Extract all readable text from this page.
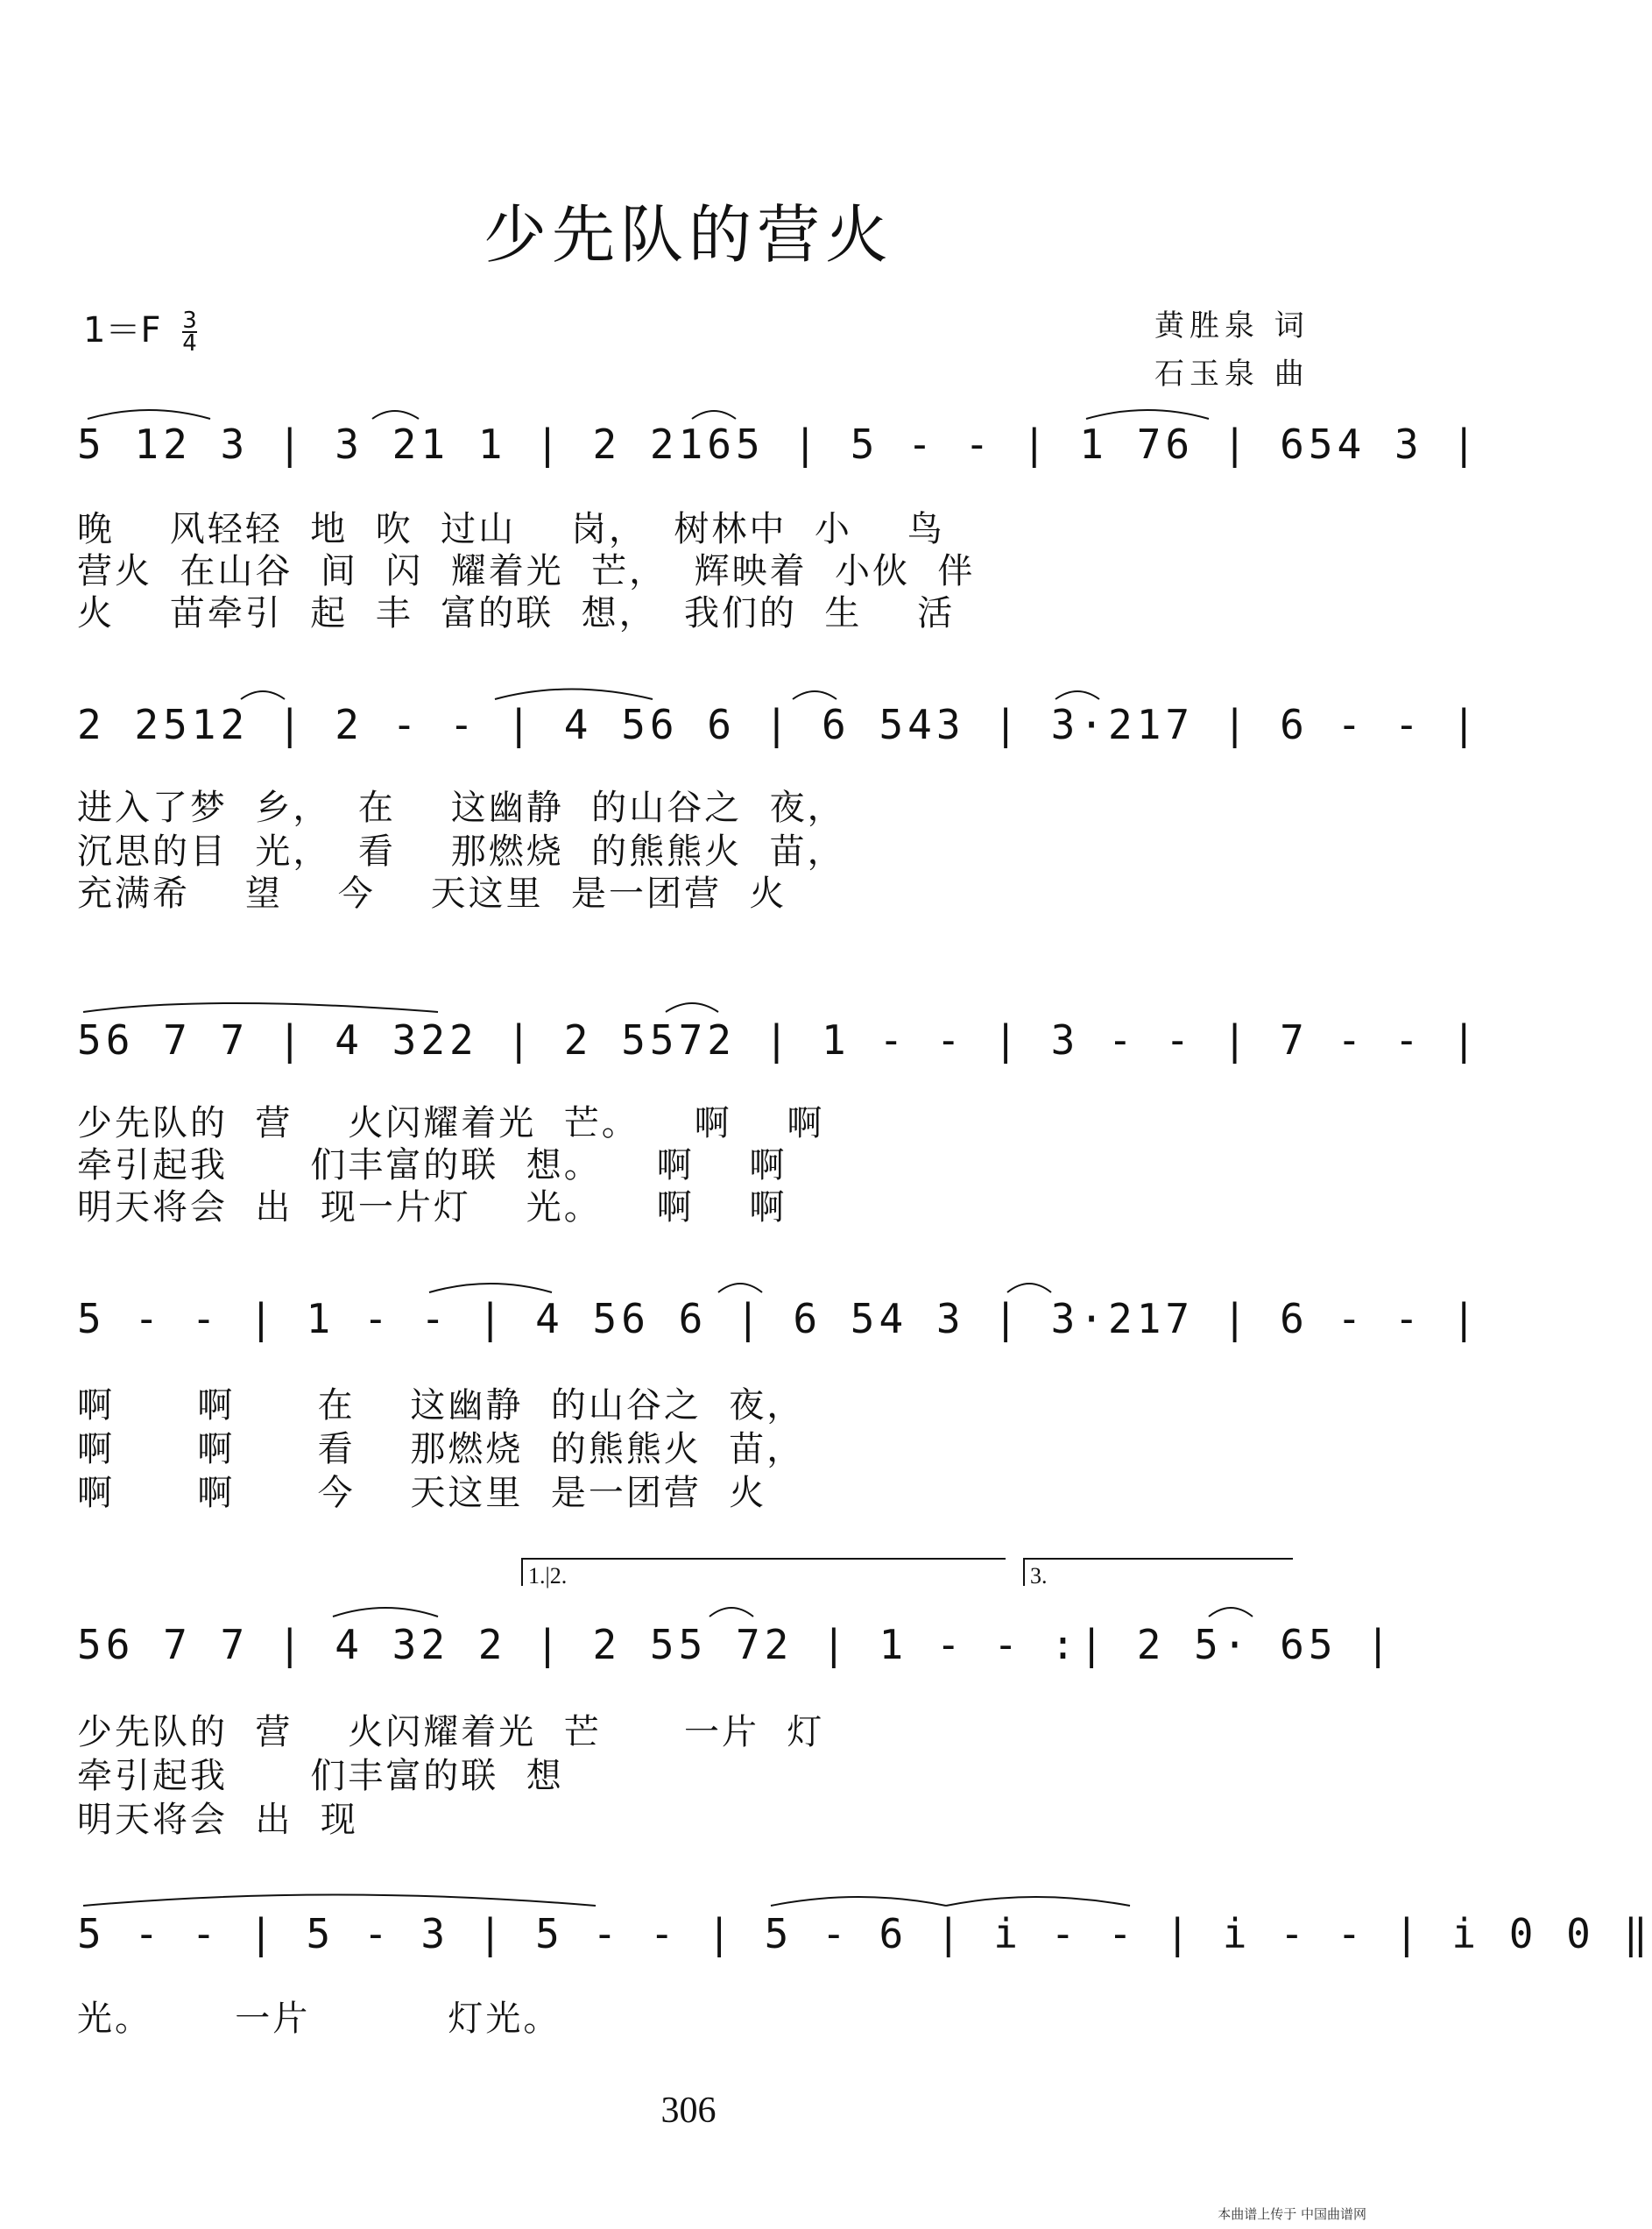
少先队的营火
$1=F \frac{3}{4}$	黄胜泉 词
石玉泉 曲
5 12 3 | 3 21 1 | 2 2165 | 5 - - | 1 76 | 654 3 |
晚    风轻轻  地  吹  过山    岗，  树林中  小    鸟
营火  在山谷  间  闪  耀着光  芒，  辉映着  小伙  伴
火    苗牵引  起  丰  富的联  想，  我们的  生    活
2 2512 | 2 - - | 4 56 6 | 6 543 | 3·217 | 6 - - |
进入了梦  乡，  在    这幽静  的山谷之  夜，
沉思的目  光，  看    那燃烧  的熊熊火  苗，
充满希    望    今    天这里  是一团营  火
56 7 7 | 4 322 | 2 5572 | 1 - - | 3 - - | 7 - - |
少先队的  营    火闪耀着光  芒。    啊    啊
牵引起我      们丰富的联  想。    啊    啊
明天将会  出  现一片灯    光。    啊    啊
5 - - | 1 - - | 4 56 6 | 6 54 3 | 3·217 | 6 - - |
啊      啊      在    这幽静  的山谷之  夜，
啊      啊      看    那燃烧  的熊熊火  苗，
啊      啊      今    天这里  是一团营  火
1.|2.	3.
56 7 7 | 4 32 2 | 2 55 72 | 1 - - :| 2 5· 65 |
少先队的  营    火闪耀着光  芒      一片  灯
牵引起我      们丰富的联  想
明天将会  出  现
5 - - | 5 - 3 | 5 - - | 5 - 6 | i - - | i - - | i 0 0 ‖
光。      一片          灯光。
306
本曲谱上传于 中国曲谱网
